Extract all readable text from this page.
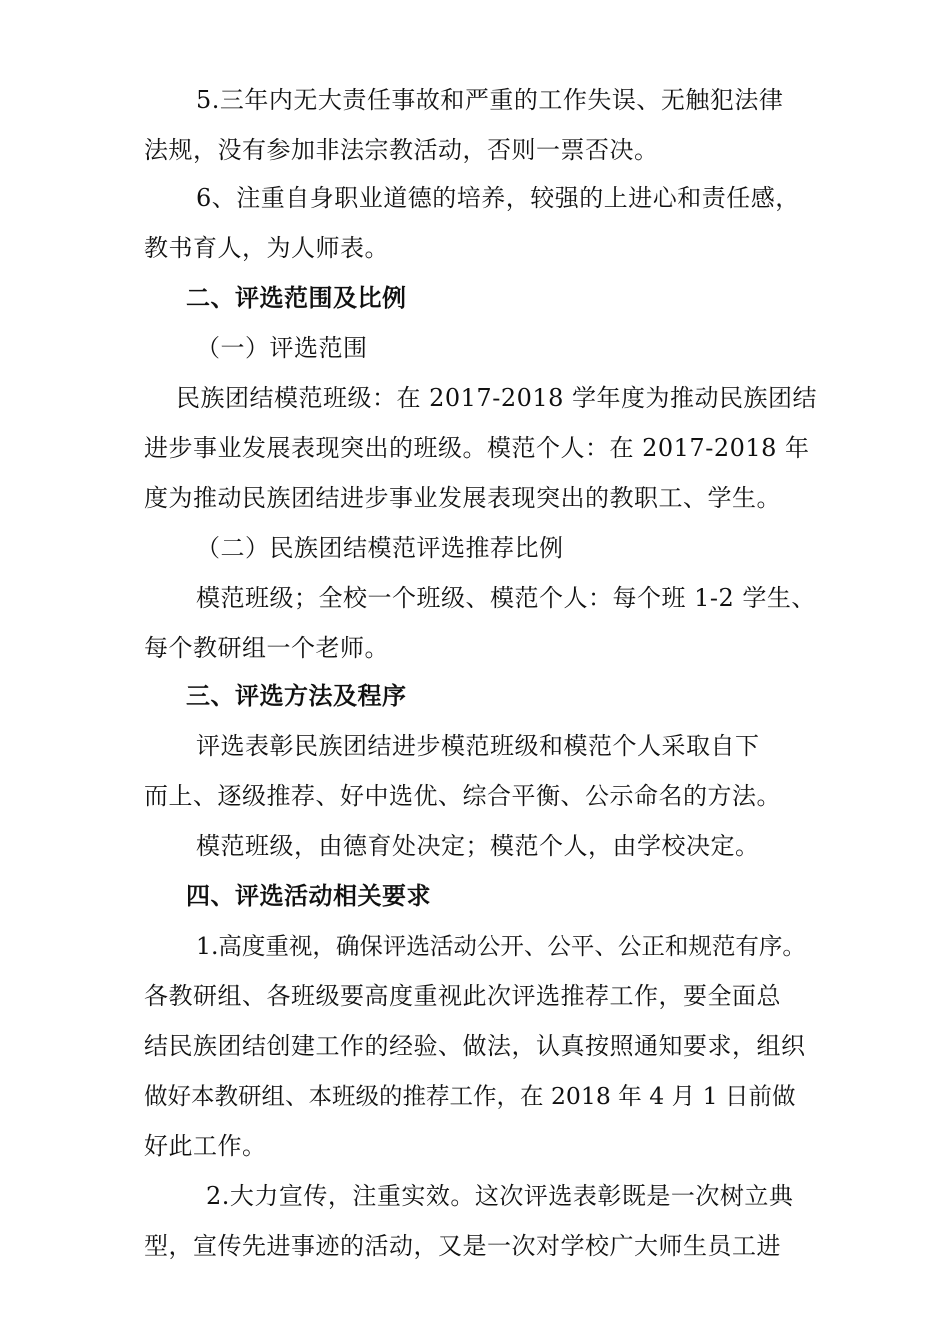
5.三年内无大责任事故和严重的工作失误、无触犯法律
法规，没有参加非法宗教活动，否则一票否决。
6、注重自身职业道德的培养，较强的上进心和责任感，
教书育人，为人师表。
二、评选范围及比例
（一）评选范围
民族团结模范班级：在 2017-2018 学年度为推动民族团结
进步事业发展表现突出的班级。模范个人：在 2017-2018 年
度为推动民族团结进步事业发展表现突出的教职工、学生。
（二）民族团结模范评选推荐比例
模范班级；全校一个班级、模范个人：每个班 1-2 学生、
每个教研组一个老师。
三、评选方法及程序
评选表彰民族团结进步模范班级和模范个人采取自下
而上、逐级推荐、好中选优、综合平衡、公示命名的方法。
模范班级，由德育处决定；模范个人，由学校决定。
四、评选活动相关要求
1.高度重视，确保评选活动公开、公平、公正和规范有序。
各教研组、各班级要高度重视此次评选推荐工作，要全面总
结民族团结创建工作的经验、做法，认真按照通知要求，组织
做好本教研组、本班级的推荐工作，在 2018 年 4 月 1 日前做
好此工作。
2.大力宣传，注重实效。这次评选表彰既是一次树立典
型，宣传先进事迹的活动，又是一次对学校广大师生员工进
